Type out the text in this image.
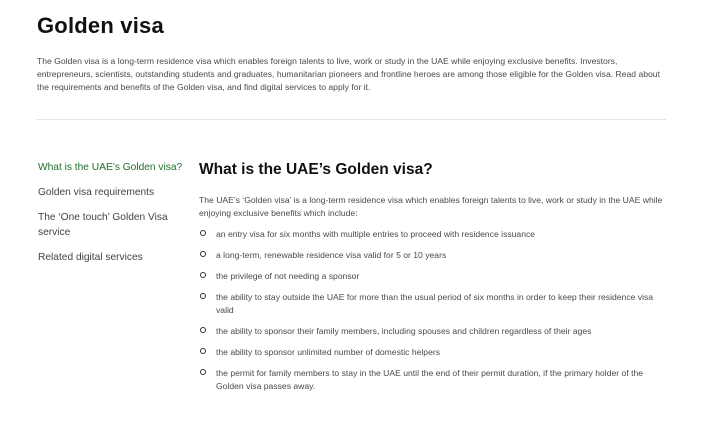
Golden visa

The Golden visa is a long-term residence visa which enables foreign talents to live, work or study in the UAE while enjoying exclusive benefits. Investors, entrepreneurs, scientists, outstanding students and graduates, humanitarian pioneers and frontline heroes are among those eligible for the Golden visa. Read about the requirements and benefits of the Golden visa, and find digital services to apply for it.

What is the UAE’s Golden visa?
Golden visa requirements
The ‘One touch’ Golden Visa service
Related digital services
What is the UAE’s Golden visa?

The UAE’s ‘Golden visa’ is a long-term residence visa which enables foreign talents to live, work or study in the UAE while enjoying exclusive benefits which include:

an entry visa for six months with multiple entries to proceed with residence issuance
a long-term, renewable residence visa valid for 5 or 10 years
the privilege of not needing a sponsor
the ability to stay outside the UAE for more than the usual period of six months in order to keep their residence visa valid
the ability to sponsor their family members, including spouses and children regardless of their ages
the ability to sponsor unlimited number of domestic helpers
the permit for family members to stay in the UAE until the end of their permit duration, if the primary holder of the Golden visa passes away.
